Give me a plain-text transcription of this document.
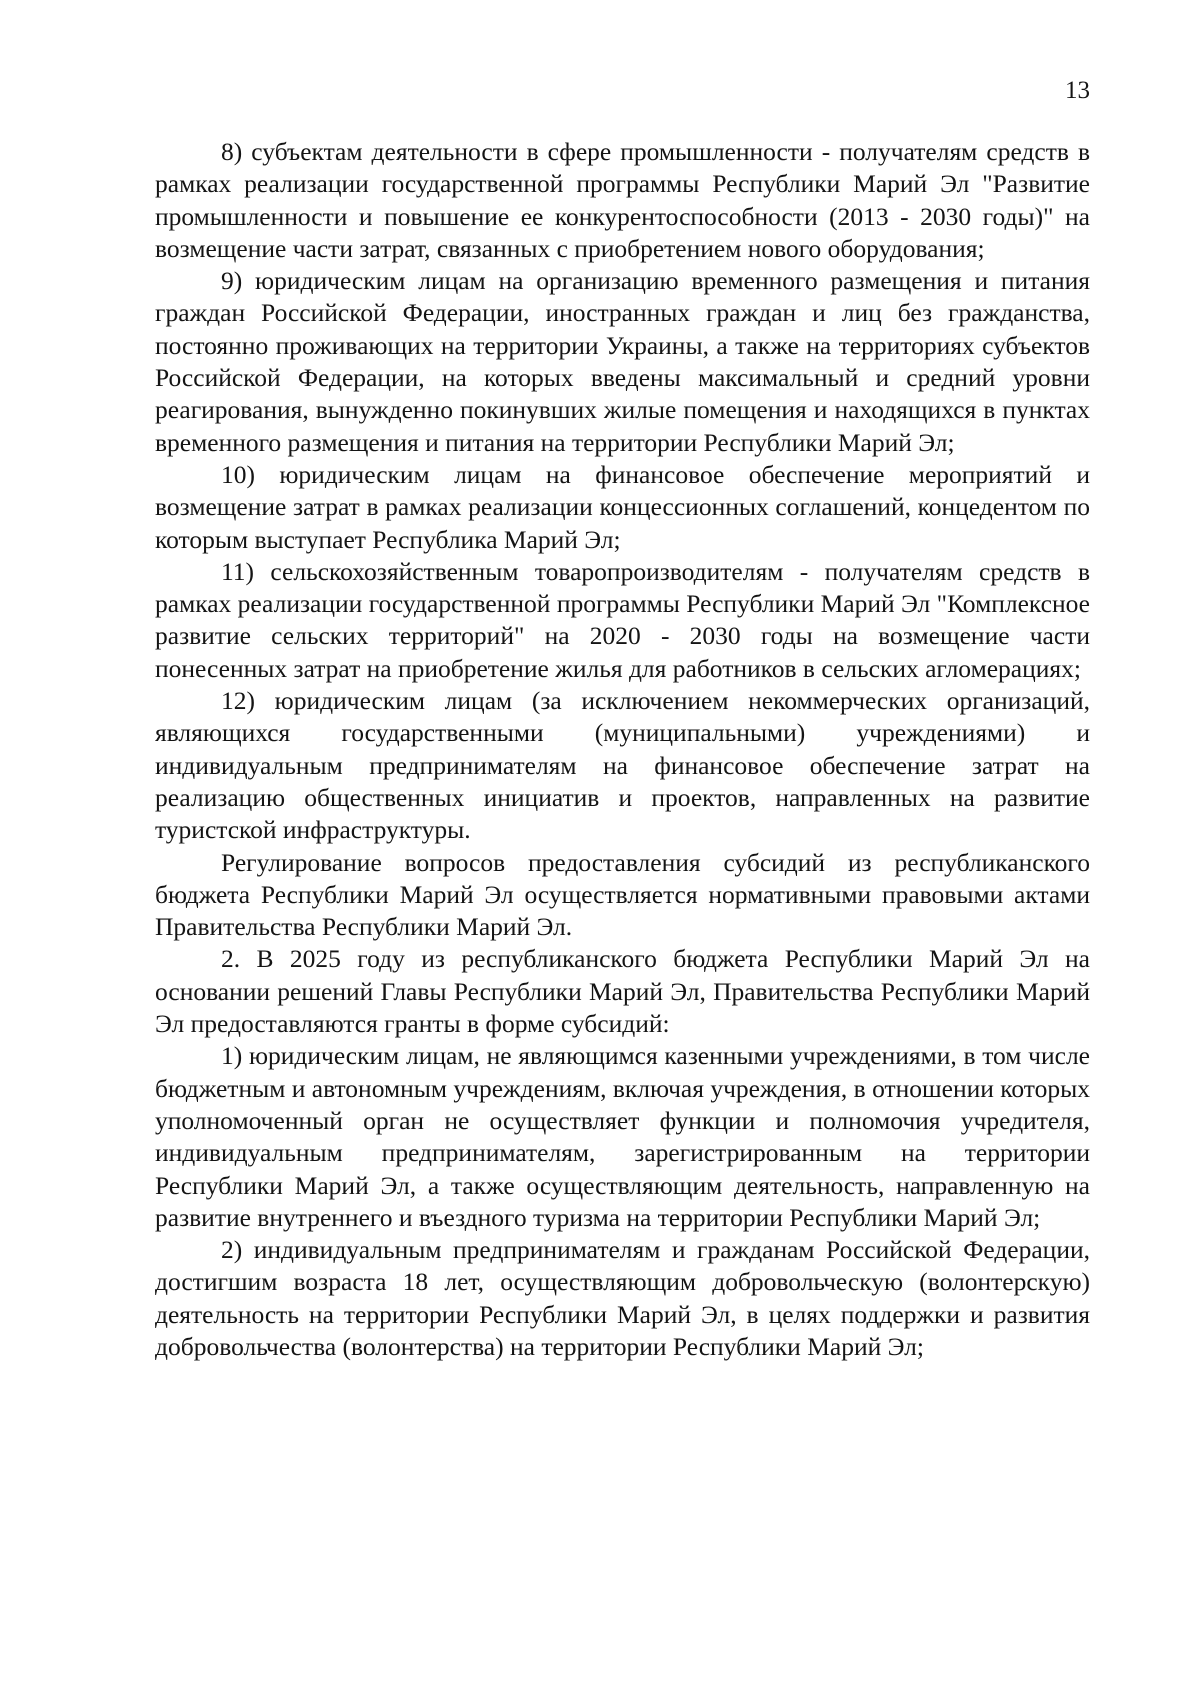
13

8) субъектам деятельности в сфере промышленности - получателям средств в рамках реализации государственной программы Республики Марий Эл "Развитие промышленности и повышение ее конкурентоспособности (2013 - 2030 годы)" на возмещение части затрат, связанных с приобретением нового оборудования;

9) юридическим лицам на организацию временного размещения и питания граждан Российской Федерации, иностранных граждан и лиц без гражданства, постоянно проживающих на территории Украины, а также на территориях субъектов Российской Федерации, на которых введены максимальный и средний уровни реагирования, вынужденно покинувших жилые помещения и находящихся в пунктах временного размещения и питания на территории Республики Марий Эл;

10) юридическим лицам на финансовое обеспечение мероприятий и возмещение затрат в рамках реализации концессионных соглашений, концедентом по которым выступает Республика Марий Эл;

11) сельскохозяйственным товаропроизводителям - получателям средств в рамках реализации государственной программы Республики Марий Эл "Комплексное развитие сельских территорий" на 2020 - 2030 годы на возмещение части понесенных затрат на приобретение жилья для работников в сельских агломерациях;

12) юридическим лицам (за исключением некоммерческих организаций, являющихся государственными (муниципальными) учреждениями) и индивидуальным предпринимателям на финансовое обеспечение затрат на реализацию общественных инициатив и проектов, направленных на развитие туристской инфраструктуры.

Регулирование вопросов предоставления субсидий из республиканского бюджета Республики Марий Эл осуществляется нормативными правовыми актами Правительства Республики Марий Эл.

2. В 2025 году из республиканского бюджета Республики Марий Эл на основании решений Главы Республики Марий Эл, Правительства Республики Марий Эл предоставляются гранты в форме субсидий:

1) юридическим лицам, не являющимся казенными учреждениями, в том числе бюджетным и автономным учреждениям, включая учреждения, в отношении которых уполномоченный орган не осуществляет функции и полномочия учредителя, индивидуальным предпринимателям, зарегистрированным на территории Республики Марий Эл, а также осуществляющим деятельность, направленную на развитие внутреннего и въездного туризма на территории Республики Марий Эл;

2) индивидуальным предпринимателям и гражданам Российской Федерации, достигшим возраста 18 лет, осуществляющим добровольческую (волонтерскую) деятельность на территории Республики Марий Эл, в целях поддержки и развития добровольчества (волонтерства) на территории Республики Марий Эл;
